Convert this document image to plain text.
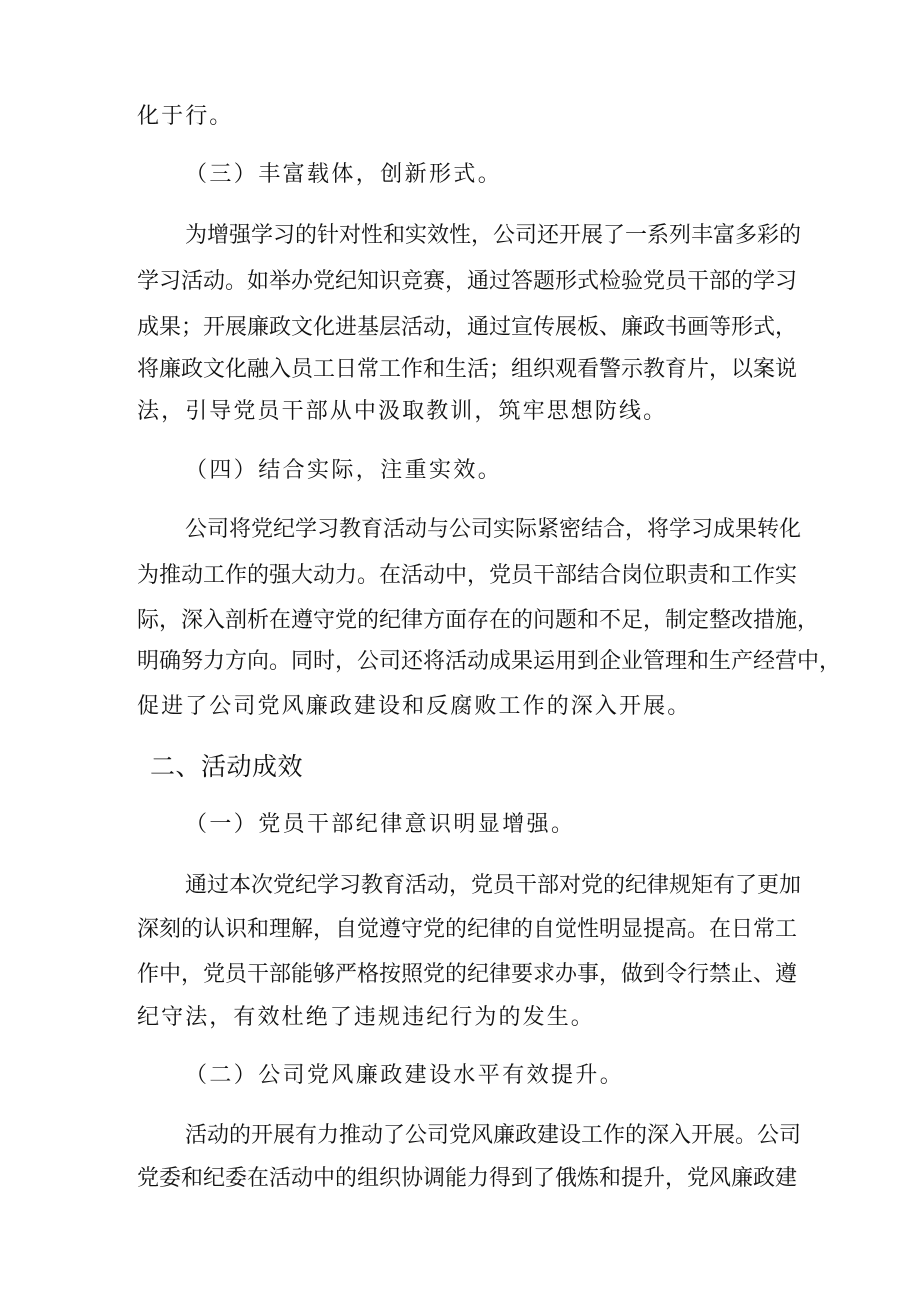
化于行。

（三）丰富载体，创新形式。

为增强学习的针对性和实效性，公司还开展了一系列丰富多彩的

学习活动。如举办党纪知识竞赛，通过答题形式检验党员干部的学习

成果；开展廉政文化进基层活动，通过宣传展板、廉政书画等形式，

将廉政文化融入员工日常工作和生活；组织观看警示教育片，以案说

法，引导党员干部从中汲取教训，筑牢思想防线。

（四）结合实际，注重实效。

公司将党纪学习教育活动与公司实际紧密结合，将学习成果转化

为推动工作的强大动力。在活动中，党员干部结合岗位职责和工作实

际，深入剖析在遵守党的纪律方面存在的问题和不足，制定整改措施，

明确努力方向。同时，公司还将活动成果运用到企业管理和生产经营中，

促进了公司党风廉政建设和反腐败工作的深入开展。

二、活动成效

（一）党员干部纪律意识明显增强。

通过本次党纪学习教育活动，党员干部对党的纪律规矩有了更加

深刻的认识和理解，自觉遵守党的纪律的自觉性明显提高。在日常工

作中，党员干部能够严格按照党的纪律要求办事，做到令行禁止、遵

纪守法，有效杜绝了违规违纪行为的发生。

（二）公司党风廉政建设水平有效提升。

活动的开展有力推动了公司党风廉政建设工作的深入开展。公司

党委和纪委在活动中的组织协调能力得到了俄炼和提升，党风廉政建
